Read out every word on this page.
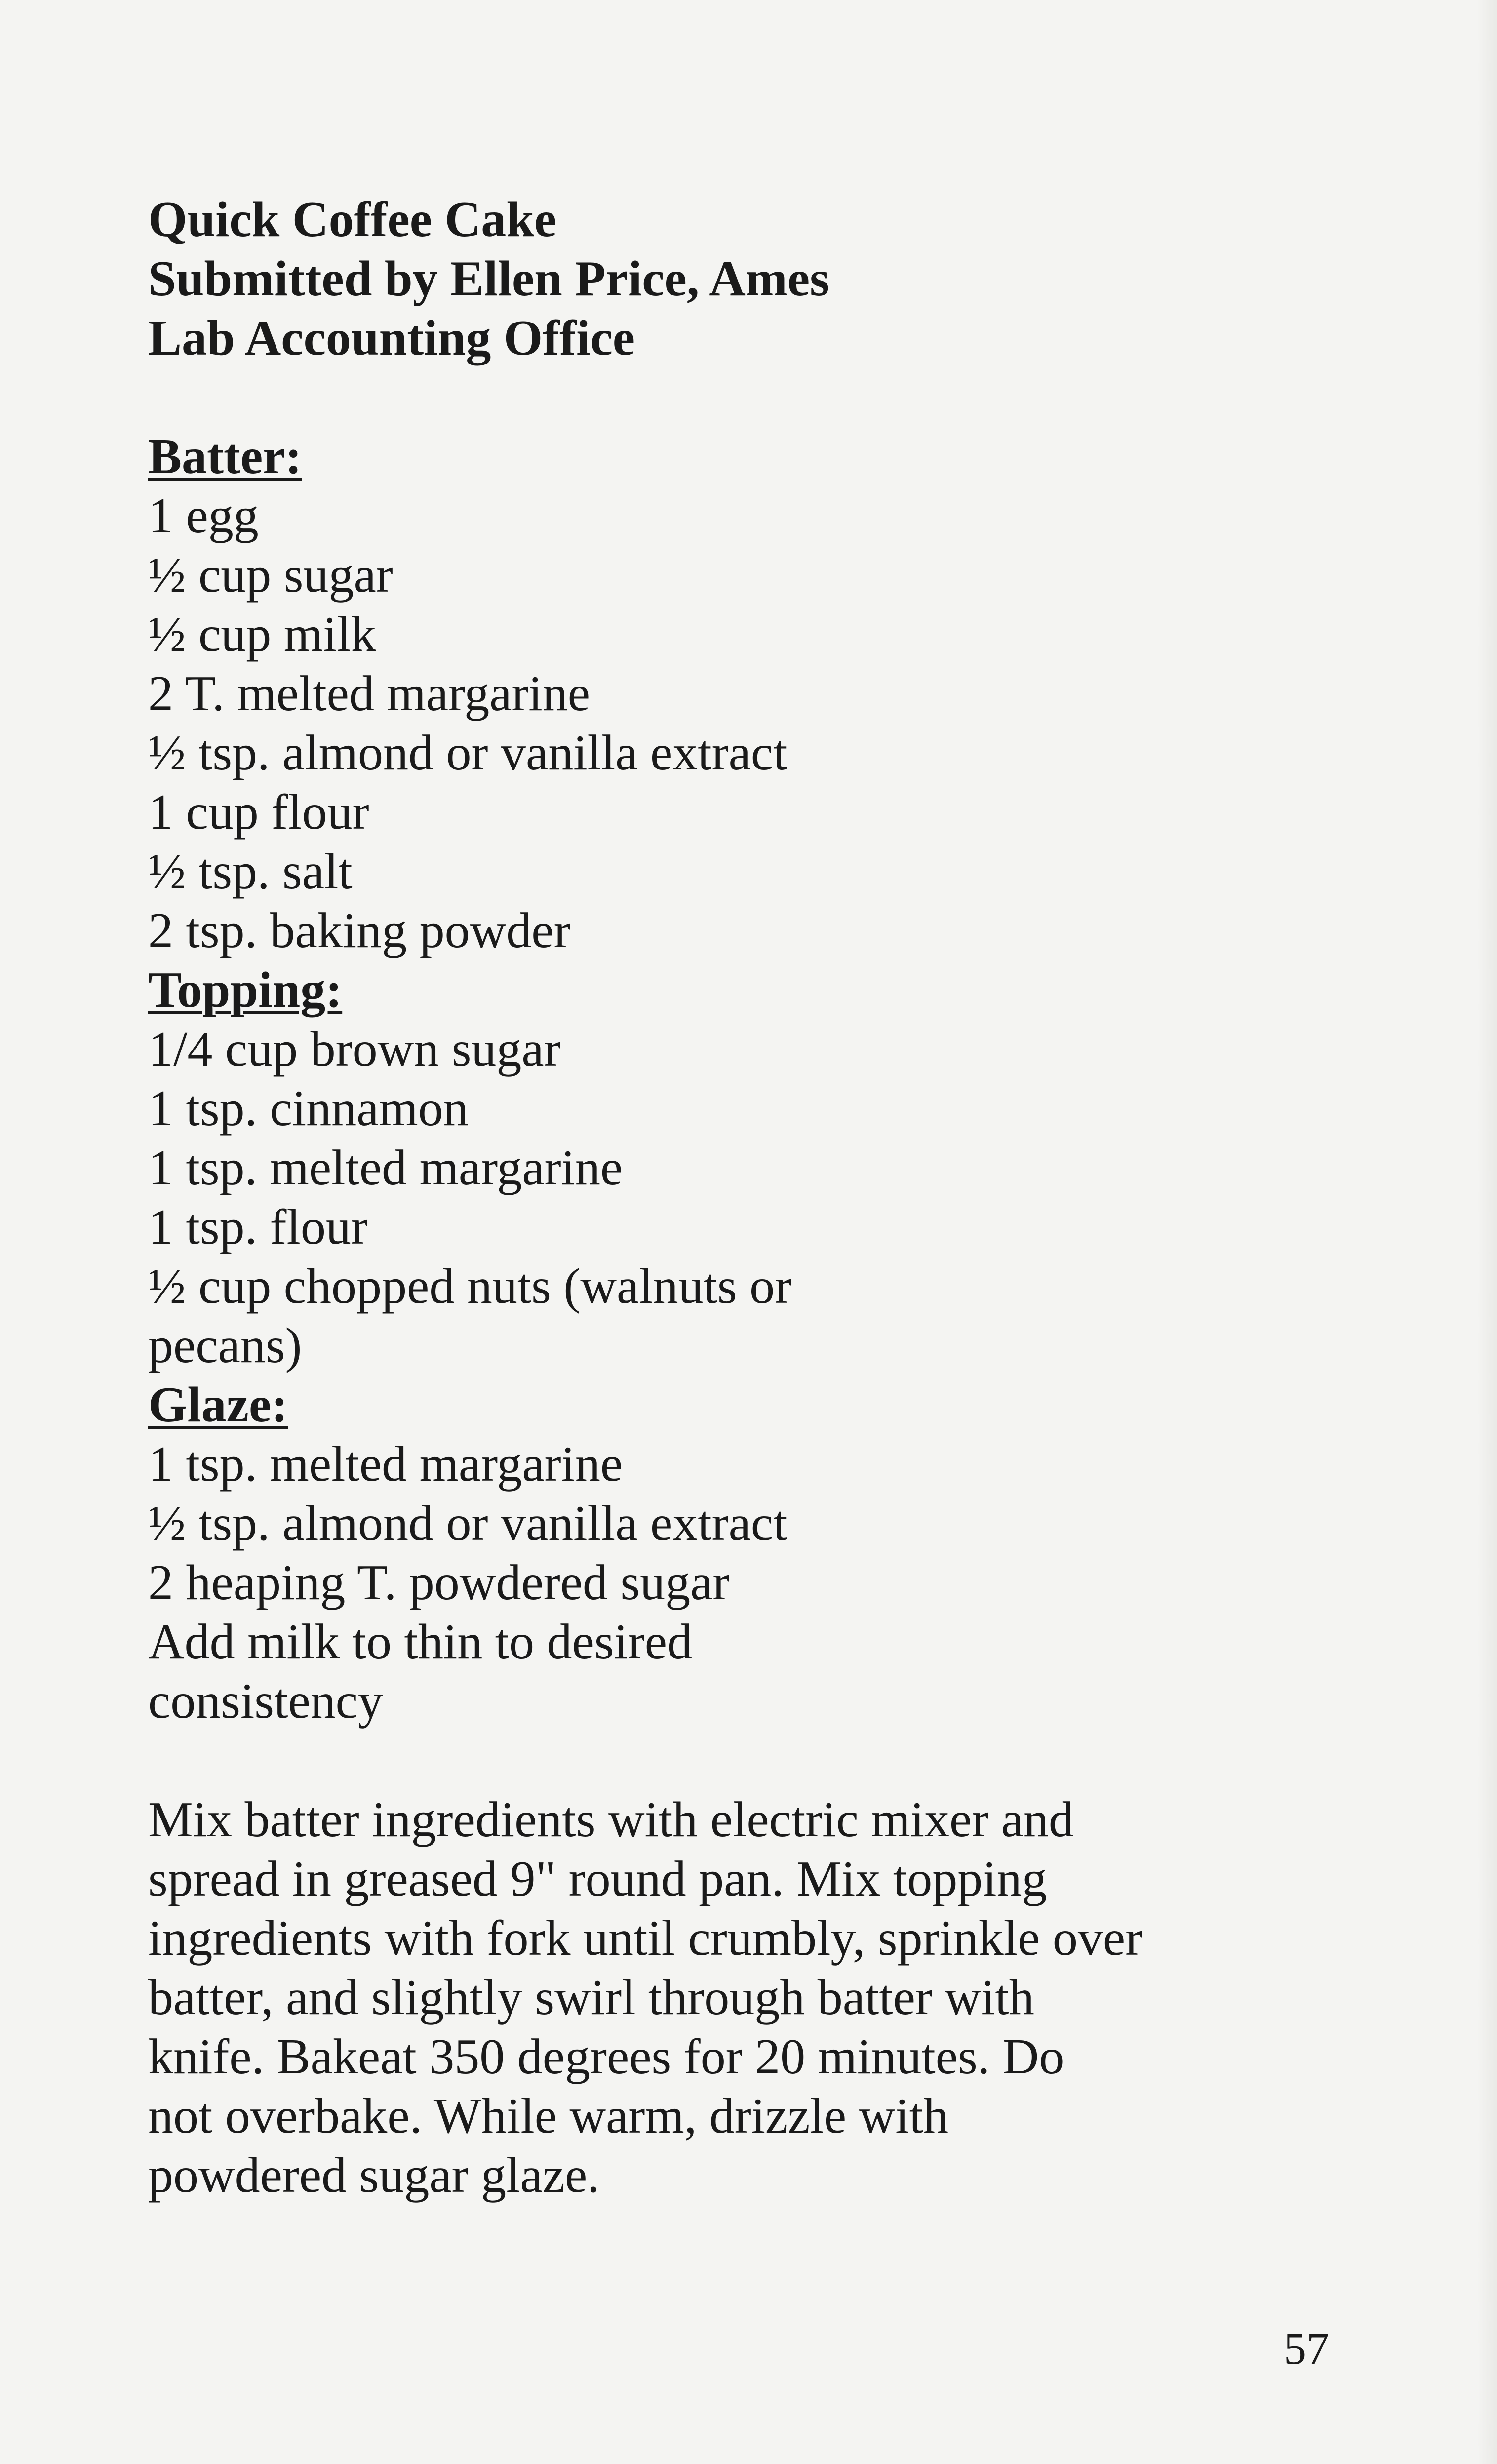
Quick Coffee Cake
Submitted by Ellen Price, Ames
Lab Accounting Office
Batter:
1 egg
½ cup sugar
½ cup milk
2 T. melted margarine
½ tsp. almond or vanilla extract
1 cup flour
½ tsp. salt
2 tsp. baking powder
Topping:
1/4 cup brown sugar
1 tsp. cinnamon
1 tsp. melted margarine
1 tsp. flour
½ cup chopped nuts (walnuts or
pecans)
Glaze:
1 tsp. melted margarine
½ tsp. almond or vanilla extract
2 heaping T. powdered sugar
Add milk to thin to desired
consistency
Mix batter ingredients with electric mixer and
spread in greased 9" round pan. Mix topping
ingredients with fork until crumbly, sprinkle over
batter, and slightly swirl through batter with
knife. Bakeat 350 degrees for 20 minutes. Do
not overbake. While warm, drizzle with
powdered sugar glaze.
57
